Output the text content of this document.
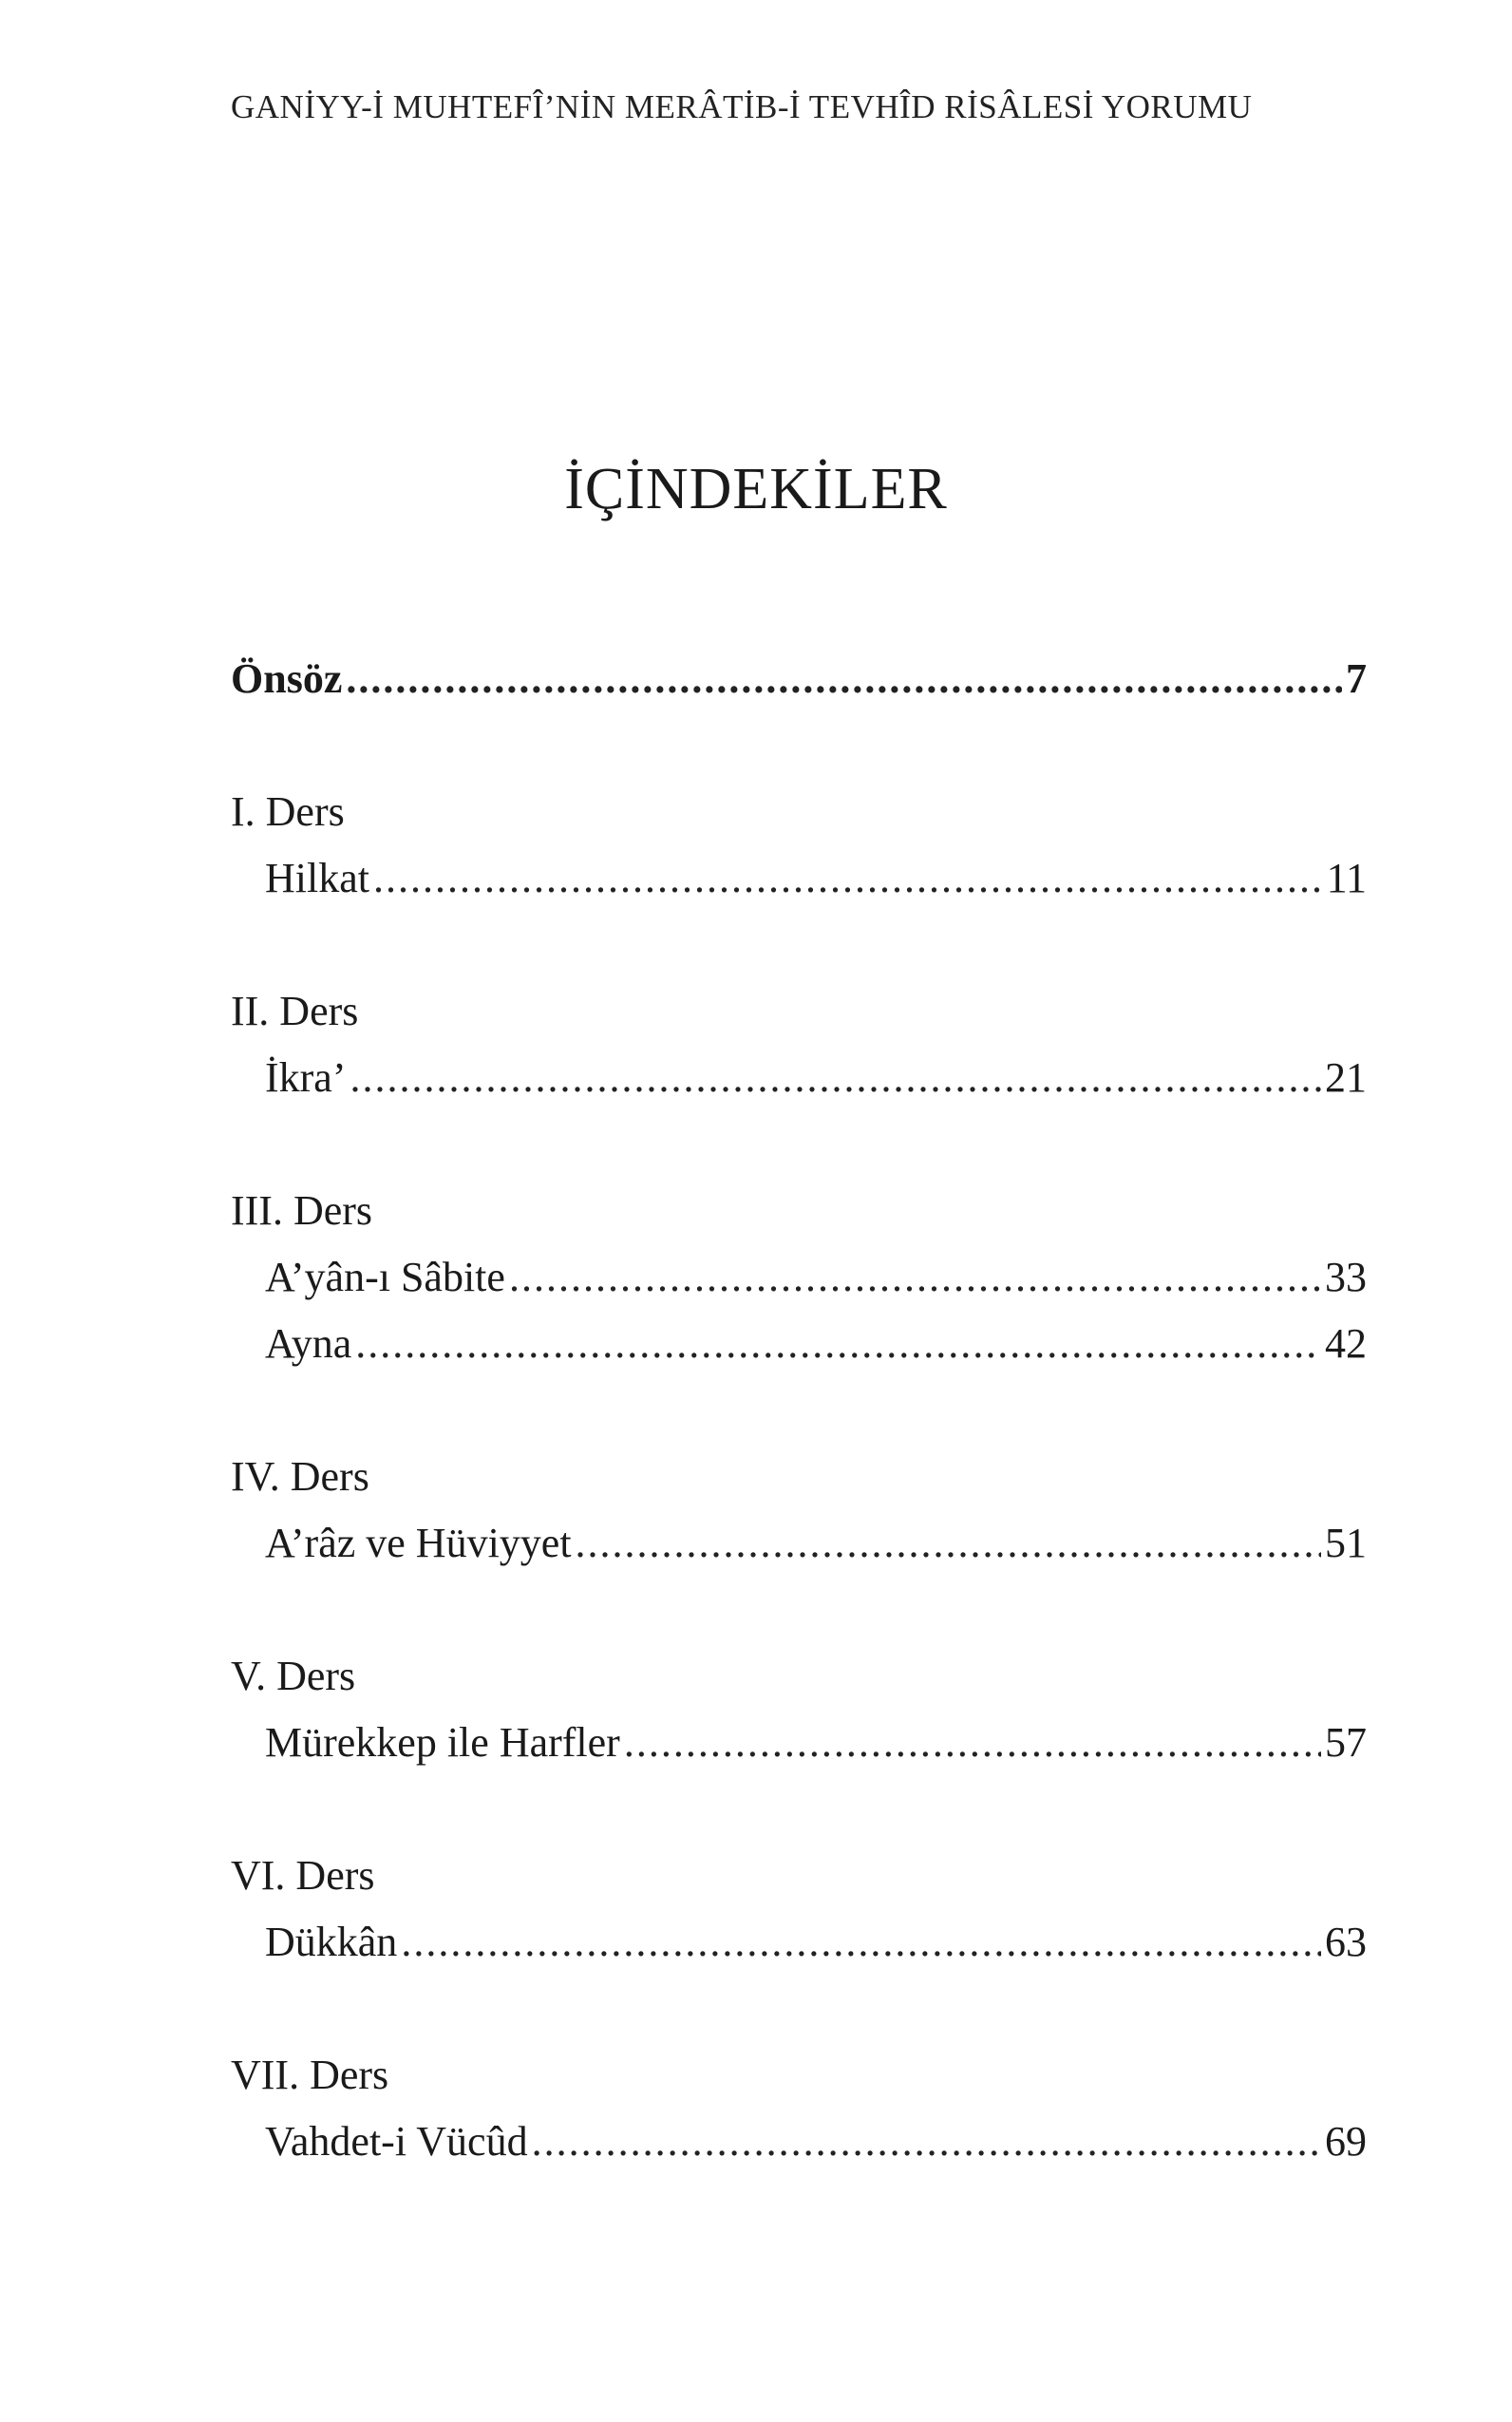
GANİYY-İ MUHTEFÎ’NİN MERÂTİB-İ TEVHÎD RİSÂLESİ YORUMU
İÇİNDEKİLER
Önsöz .....	7
I. Ders
Hilkat .....	11
II. Ders
İkra’ .....	21
III. Ders
A’yân-ı Sâbite .....	33
Ayna .....	42
IV. Ders
A’râz ve Hüviyyet .....	51
V. Ders
Mürekkep ile Harfler .....	57
VI. Ders
Dükkân .....	63
VII. Ders
Vahdet-i Vücûd .....	69
